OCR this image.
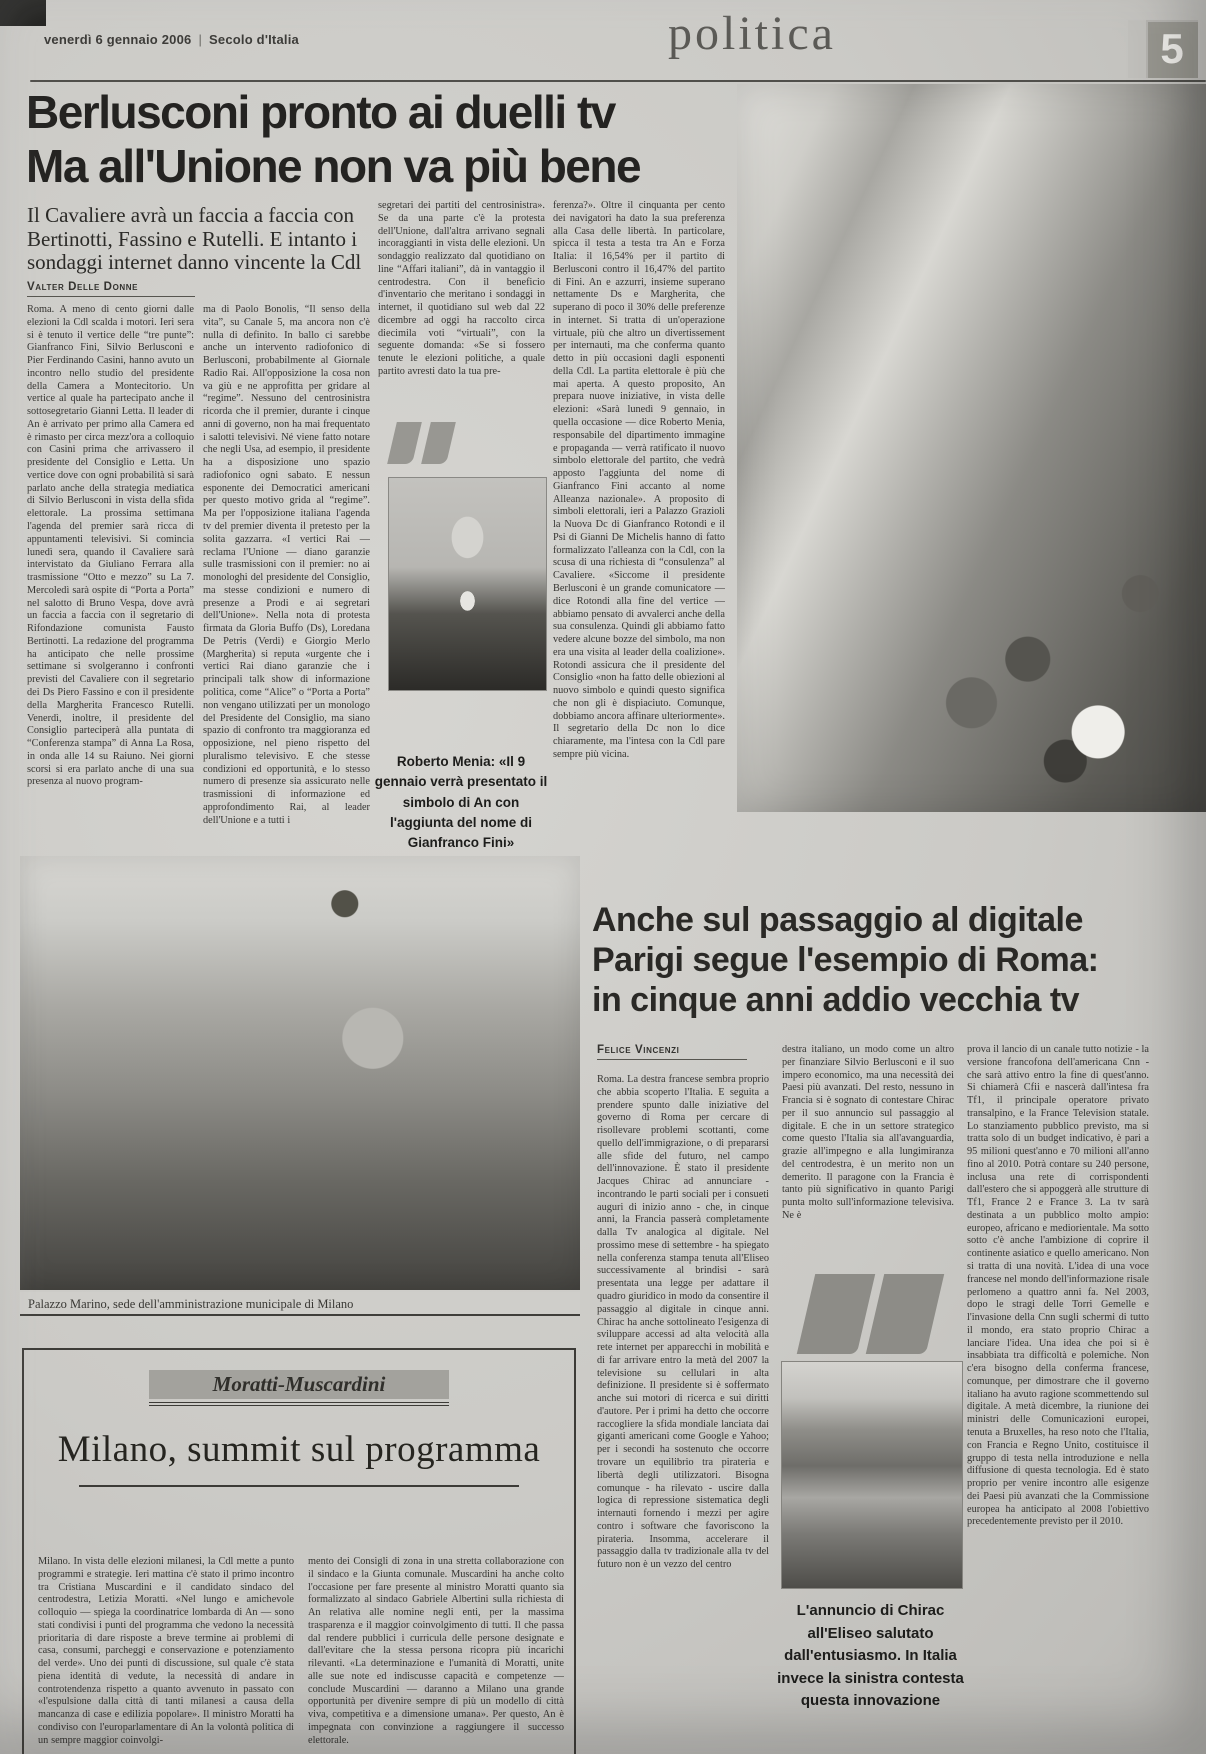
venerdì 6 gennaio 2006 | Secolo d'Italia	politica	5
Berlusconi pronto ai duelli tv
Ma all'Unione non va più bene
Il Cavaliere avrà un faccia a faccia con Bertinotti, Fassino e Rutelli. E intanto i sondaggi internet danno vincente la Cdl
Valter Delle Donne
Roma. A meno di cento giorni dalle elezioni la Cdl scalda i motori. Ieri sera si è tenuto il vertice delle “tre punte”: Gianfranco Fini, Silvio Berlusconi e Pier Ferdinando Casini, hanno avuto un incontro nello studio del presidente della Camera a Montecitorio. Un vertice al quale ha partecipato anche il sottosegretario Gianni Letta. Il leader di An è arrivato per primo alla Camera ed è rimasto per circa mezz'ora a colloquio con Casini prima che arrivassero il presidente del Consiglio e Letta. Un vertice dove con ogni probabilità si sarà parlato anche della strategia mediatica di Silvio Berlusconi in vista della sfida elettorale. La prossima settimana l'agenda del premier sarà ricca di appuntamenti televisivi. Si comincia lunedì sera, quando il Cavaliere sarà intervistato da Giuliano Ferrara alla trasmissione “Otto e mezzo” su La 7. Mercoledì sarà ospite di “Porta a Porta” nel salotto di Bruno Vespa, dove avrà un faccia a faccia con il segretario di Rifondazione comunista Fausto Bertinotti. La redazione del programma ha anticipato che nelle prossime settimane si svolgeranno i confronti previsti del Cavaliere con il segretario dei Ds Piero Fassino e con il presidente della Margherita Francesco Rutelli. Venerdì, inoltre, il presidente del Consiglio parteciperà alla puntata di “Conferenza stampa” di Anna La Rosa, in onda alle 14 su Raiuno. Nei giorni scorsi si era parlato anche di una sua presenza al nuovo program-
ma di Paolo Bonolis, “Il senso della vita”, su Canale 5, ma ancora non c'è nulla di definito. In ballo ci sarebbe anche un intervento radiofonico di Berlusconi, probabilmente al Giornale Radio Rai. All'opposizione la cosa non va giù e ne approfitta per gridare al “regime”. Nessuno del centrosinistra ricorda che il premier, durante i cinque anni di governo, non ha mai frequentato i salotti televisivi. Né viene fatto notare che negli Usa, ad esempio, il presidente ha a disposizione uno spazio radiofonico ogni sabato. E nessun esponente dei Democratici americani per questo motivo grida al “regime”. Ma per l'opposizione italiana l'agenda tv del premier diventa il pretesto per la solita gazzarra. «I vertici Rai — reclama l'Unione — diano garanzie sulle trasmissioni con il premier: no ai monologhi del presidente del Consiglio, ma stesse condizioni e numero di presenze a Prodi e ai segretari dell'Unione». Nella nota di protesta firmata da Gloria Buffo (Ds), Loredana De Petris (Verdi) e Giorgio Merlo (Margherita) si reputa «urgente che i vertici Rai diano garanzie che i principali talk show di informazione politica, come “Alice” o “Porta a Porta” non vengano utilizzati per un monologo del Presidente del Consiglio, ma siano spazio di confronto tra maggioranza ed opposizione, nel pieno rispetto del pluralismo televisivo. E che stesse condizioni ed opportunità, e lo stesso numero di presenze sia assicurato nelle trasmissioni di informazione ed approfondimento Rai, al leader dell'Unione e a tutti i
segretari dei partiti del centrosinistra». Se da una parte c'è la protesta dell'Unione, dall'altra arrivano segnali incoraggianti in vista delle elezioni. Un sondaggio realizzato dal quotidiano on line “Affari italiani”, dà in vantaggio il centrodestra. Con il beneficio d'inventario che meritano i sondaggi in internet, il quotidiano sul web dal 22 dicembre ad oggi ha raccolto circa diecimila voti “virtuali”, con la seguente domanda: «Se si fossero tenute le elezioni politiche, a quale partito avresti dato la tua pre-
ferenza?». Oltre il cinquanta per cento dei navigatori ha dato la sua preferenza alla Casa delle libertà. In particolare, spicca il testa a testa tra An e Forza Italia: il 16,54% per il partito di Berlusconi contro il 16,47% del partito di Fini. An e azzurri, insieme superano nettamente Ds e Margherita, che superano di poco il 30% delle preferenze in internet. Si tratta di un'operazione virtuale, più che altro un divertissement per internauti, ma che conferma quanto detto in più occasioni dagli esponenti della Cdl. La partita elettorale è più che mai aperta. A questo proposito, An prepara nuove iniziative, in vista delle elezioni: «Sarà lunedì 9 gennaio, in quella occasione — dice Roberto Menia, responsabile del dipartimento immagine e propaganda — verrà ratificato il nuovo simbolo elettorale del partito, che vedrà apposto l'aggiunta del nome di Gianfranco Fini accanto al nome Alleanza nazionale». A proposito di simboli elettorali, ieri a Palazzo Grazioli la Nuova Dc di Gianfranco Rotondi e il Psi di Gianni De Michelis hanno di fatto formalizzato l'alleanza con la Cdl, con la scusa di una richiesta di “consulenza” al Cavaliere. «Siccome il presidente Berlusconi è un grande comunicatore — dice Rotondi alla fine del vertice — abbiamo pensato di avvalerci anche della sua consulenza. Quindi gli abbiamo fatto vedere alcune bozze del simbolo, ma non era una visita al leader della coalizione». Rotondi assicura che il presidente del Consiglio «non ha fatto delle obiezioni al nuovo simbolo e quindi questo significa che non gli è dispiaciuto. Comunque, dobbiamo ancora affinare ulteriormente». Il segretario della Dc non lo dice chiaramente, ma l'intesa con la Cdl pare sempre più vicina.
Roberto Menia: «Il 9 gennaio verrà presentato il simbolo di An con l'aggiunta del nome di Gianfranco Fini»
Anche sul passaggio al digitale
Parigi segue l'esempio di Roma:
in cinque anni addio vecchia tv
Felice Vincenzi
Roma. La destra francese sembra proprio che abbia scoperto l'Italia. E seguita a prendere spunto dalle iniziative del governo di Roma per cercare di risollevare problemi scottanti, come quello dell'immigrazione, o di prepararsi alle sfide del futuro, nel campo dell'innovazione. È stato il presidente Jacques Chirac ad annunciare - incontrando le parti sociali per i consueti auguri di inizio anno - che, in cinque anni, la Francia passerà completamente dalla Tv analogica al digitale. Nel prossimo mese di settembre - ha spiegato nella conferenza stampa tenuta all'Eliseo successivamente al brindisi - sarà presentata una legge per adattare il quadro giuridico in modo da consentire il passaggio al digitale in cinque anni. Chirac ha anche sottolineato l'esigenza di sviluppare accessi ad alta velocità alla rete internet per apparecchi in mobilità e di far arrivare entro la metà del 2007 la televisione su cellulari in alta definizione. Il presidente si è soffermato anche sui motori di ricerca e sui diritti d'autore. Per i primi ha detto che occorre raccogliere la sfida mondiale lanciata dai giganti americani come Google e Yahoo; per i secondi ha sostenuto che occorre trovare un equilibrio tra pirateria e libertà degli utilizzatori. Bisogna comunque - ha rilevato - uscire dalla logica di repressione sistematica degli internauti fornendo i mezzi per agire contro i software che favoriscono la pirateria. Insomma, accelerare il passaggio dalla tv tradizionale alla tv del futuro non è un vezzo del centro
destra italiano, un modo come un altro per finanziare Silvio Berlusconi e il suo impero economico, ma una necessità dei Paesi più avanzati. Del resto, nessuno in Francia si è sognato di contestare Chirac per il suo annuncio sul passaggio al digitale. E che in un settore strategico come questo l'Italia sia all'avanguardia, grazie all'impegno e alla lungimiranza del centrodestra, è un merito non un demerito. Il paragone con la Francia è tanto più significativo in quanto Parigi punta molto sull'informazione televisiva. Ne è
prova il lancio di un canale tutto notizie - la versione francofona dell'americana Cnn - che sarà attivo entro la fine di quest'anno. Si chiamerà Cfii e nascerà dall'intesa fra Tf1, il principale operatore privato transalpino, e la France Television statale. Lo stanziamento pubblico previsto, ma si tratta solo di un budget indicativo, è pari a 95 milioni quest'anno e 70 milioni all'anno fino al 2010. Potrà contare su 240 persone, inclusa una rete di corrispondenti dall'estero che si appoggerà alle strutture di Tf1, France 2 e France 3. La tv sarà destinata a un pubblico molto ampio: europeo, africano e mediorientale. Ma sotto sotto c'è anche l'ambizione di coprire il continente asiatico e quello americano. Non si tratta di una novità. L'idea di una voce francese nel mondo dell'informazione risale perlomeno a quattro anni fa. Nel 2003, dopo le stragi delle Torri Gemelle e l'invasione della Cnn sugli schermi di tutto il mondo, era stato proprio Chirac a lanciare l'idea. Una idea che poi si è insabbiata tra difficoltà e polemiche. Non c'era bisogno della conferma francese, comunque, per dimostrare che il governo italiano ha avuto ragione scommettendo sul digitale. A metà dicembre, la riunione dei ministri delle Comunicazioni europei, tenuta a Bruxelles, ha reso noto che l'Italia, con Francia e Regno Unito, costituisce il gruppo di testa nella introduzione e nella diffusione di questa tecnologia. Ed è stato proprio per venire incontro alle esigenze dei Paesi più avanzati che la Commissione europea ha anticipato al 2008 l'obiettivo precedentemente previsto per il 2010.
L'annuncio di Chirac all'Eliseo salutato dall'entusiasmo. In Italia invece la sinistra contesta questa innovazione
Palazzo Marino, sede dell'amministrazione municipale di Milano
Moratti-Muscardini
Milano, summit sul programma
Milano. In vista delle elezioni milanesi, la Cdl mette a punto programmi e strategie. Ieri mattina c'è stato il primo incontro tra Cristiana Muscardini e il candidato sindaco del centrodestra, Letizia Moratti. «Nel lungo e amichevole colloquio — spiega la coordinatrice lombarda di An — sono stati condivisi i punti del programma che vedono la necessità prioritaria di dare risposte a breve termine ai problemi di casa, consumi, parcheggi e conservazione e potenziamento del verde». Uno dei punti di discussione, sul quale c'è stata piena identità di vedute, la necessità di andare in controtendenza rispetto a quanto avvenuto in passato con «l'espulsione dalla città di tanti milanesi a causa della mancanza di case e edilizia popolare». Il ministro Moratti ha condiviso con l'europarlamentare di An la volontà politica di un sempre maggior coinvolgi-
mento dei Consigli di zona in una stretta collaborazione con il sindaco e la Giunta comunale. Muscardini ha anche colto l'occasione per fare presente al ministro Moratti quanto sia formalizzato al sindaco Gabriele Albertini sulla richiesta di An relativa alle nomine negli enti, per la massima trasparenza e il maggior coinvolgimento di tutti. Il che passa dal rendere pubblici i curricula delle persone designate e dall'evitare che la stessa persona ricopra più incarichi rilevanti. «La determinazione e l'umanità di Moratti, unite alle sue note ed indiscusse capacità e competenze — conclude Muscardini — daranno a Milano una grande opportunità per divenire sempre di più un modello di città viva, competitiva e a dimensione umana». Per questo, An è impegnata con convinzione a raggiungere il successo elettorale.
